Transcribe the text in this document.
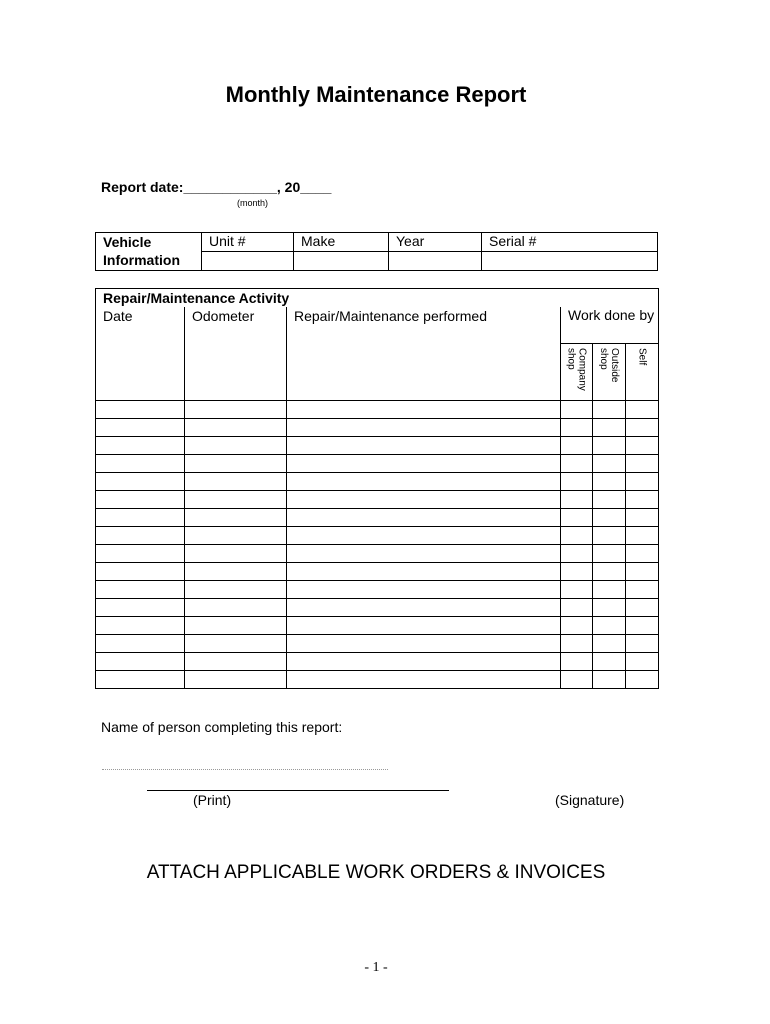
Monthly Maintenance Report
Report date:____________, 20____
(month)
Vehicle Information	Unit #	Make	Year	Serial #

Repair/Maintenance Activity					
Date	Odometer	Repair/Maintenance performed	Work done by		

			Company shop	Outside shop	Self

Name of person completing this report:
(Print)	(Signature)
ATTACH APPLICABLE WORK ORDERS & INVOICES
- 1 -
